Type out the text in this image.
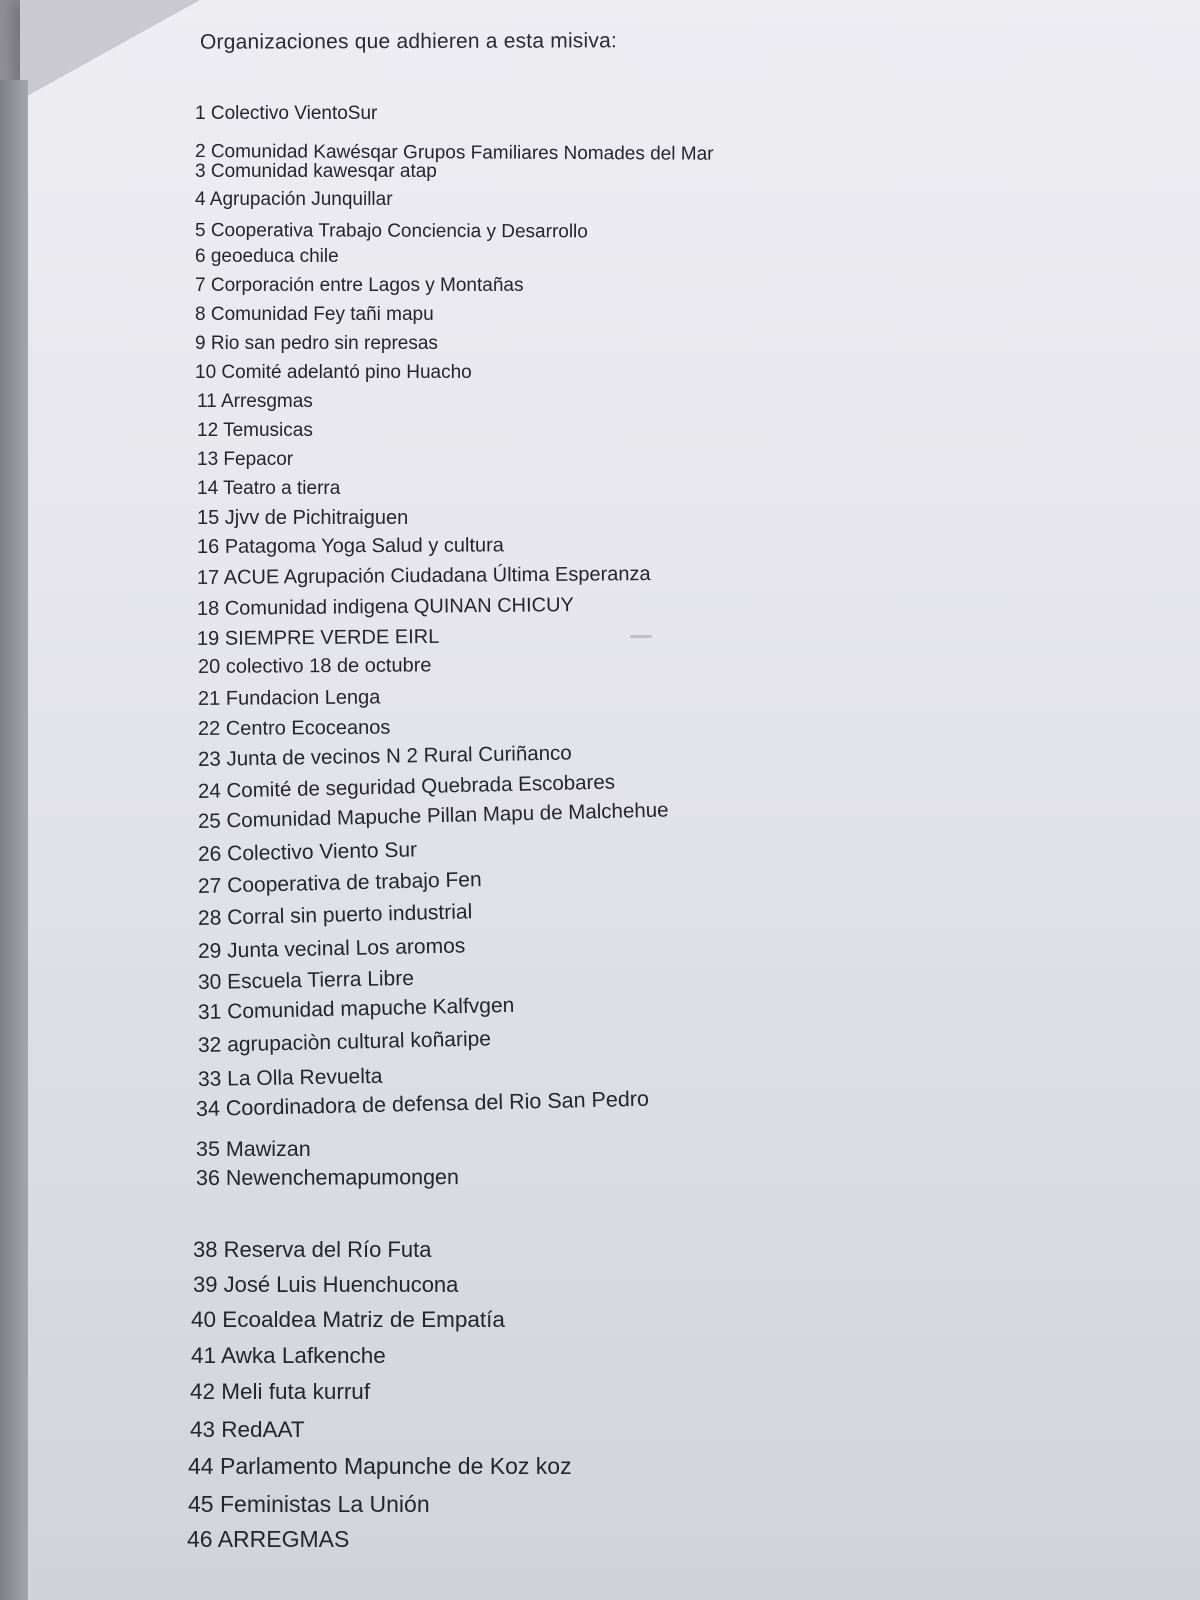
Organizaciones que adhieren a esta misiva:
1 Colectivo VientoSur
2 Comunidad Kawésqar Grupos Familiares Nomades del Mar
3 Comunidad kawesqar atap
4 Agrupación Junquillar
5 Cooperativa Trabajo Conciencia y Desarrollo
6 geoeduca chile
7 Corporación entre Lagos y Montañas
8 Comunidad Fey tañi mapu
9 Rio san pedro sin represas
10 Comité adelantó pino Huacho
11 Arresgmas
12 Temusicas
13 Fepacor
14 Teatro a tierra
15 Jjvv de Pichitraiguen
16 Patagoma Yoga Salud y cultura
17 ACUE Agrupación Ciudadana Última Esperanza
18 Comunidad indigena QUINAN CHICUY
19 SIEMPRE VERDE EIRL
20 colectivo 18 de octubre
21 Fundacion Lenga
22 Centro Ecoceanos
23 Junta de vecinos N 2 Rural Curiñanco
24 Comité de seguridad Quebrada Escobares
25 Comunidad Mapuche Pillan Mapu de Malchehue
26 Colectivo Viento Sur
27 Cooperativa de trabajo Fen
28 Corral sin puerto industrial
29 Junta vecinal Los aromos
30 Escuela Tierra Libre
31 Comunidad mapuche Kalfvgen
32 agrupaciòn cultural koñaripe
33 La Olla Revuelta
34 Coordinadora de defensa del Rio San Pedro
35 Mawizan
36 Newenchemapumongen
38 Reserva del Río Futa
39 José Luis Huenchucona
40 Ecoaldea Matriz de Empatía
41 Awka Lafkenche
42 Meli futa kurruf
43 RedAAT
44 Parlamento Mapunche de Koz koz
45 Feministas La Unión
46 ARREGMAS
